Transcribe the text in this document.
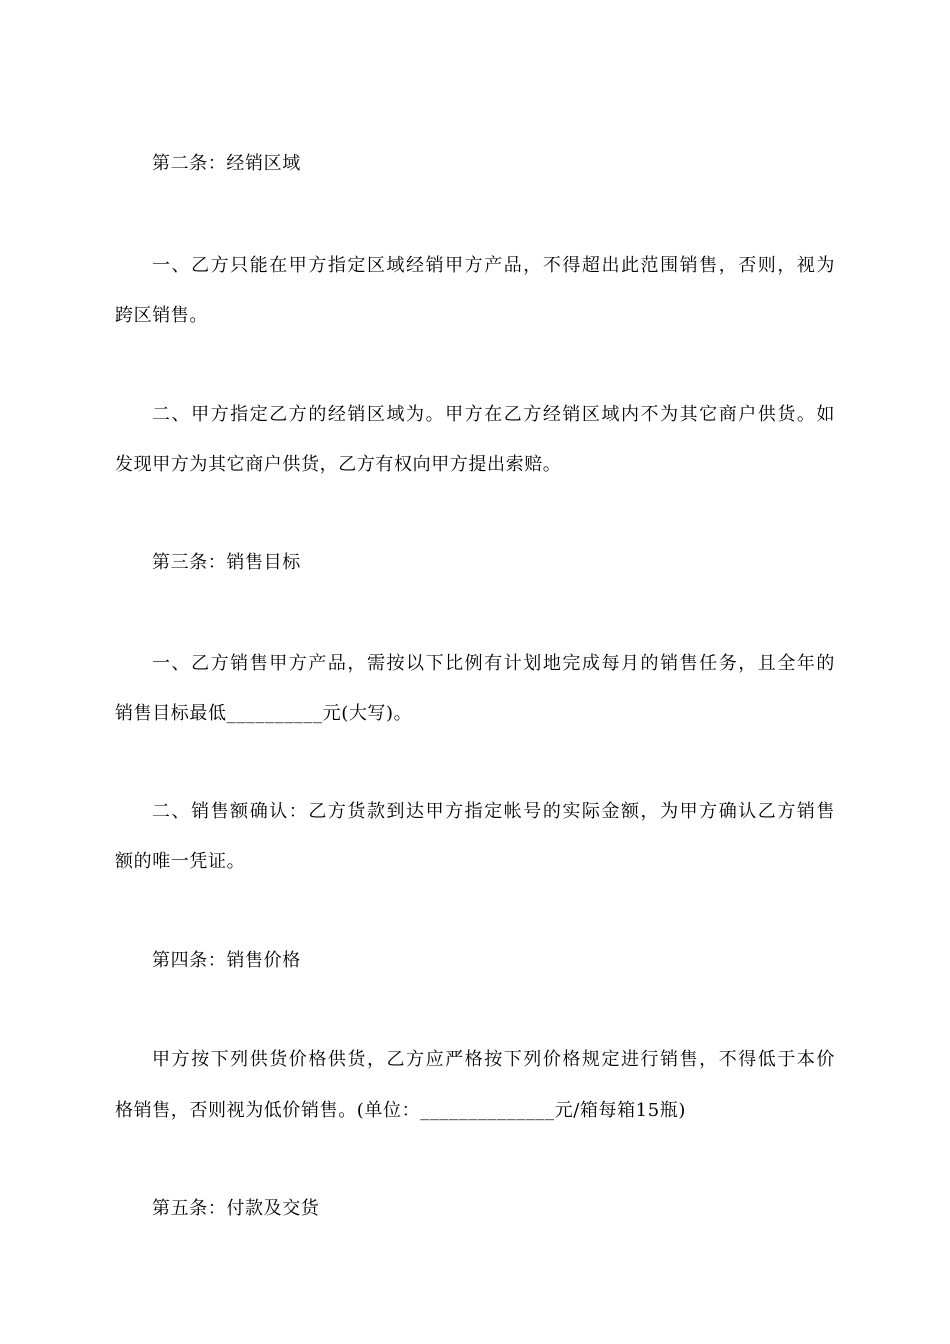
第二条：经销区域
一、乙方只能在甲方指定区域经销甲方产品，不得超出此范围销售，否则，视为
跨区销售。
二、甲方指定乙方的经销区域为。甲方在乙方经销区域内不为其它商户供货。如
发现甲方为其它商户供货，乙方有权向甲方提出索赔。
第三条：销售目标
一、乙方销售甲方产品，需按以下比例有计划地完成每月的销售任务，且全年的
销售目标最低__________元(大写)。
二、销售额确认：乙方货款到达甲方指定帐号的实际金额，为甲方确认乙方销售
额的唯一凭证。
第四条：销售价格
甲方按下列供货价格供货，乙方应严格按下列价格规定进行销售，不得低于本价
格销售，否则视为低价销售。(单位：______________元/箱每箱15瓶)
第五条：付款及交货
